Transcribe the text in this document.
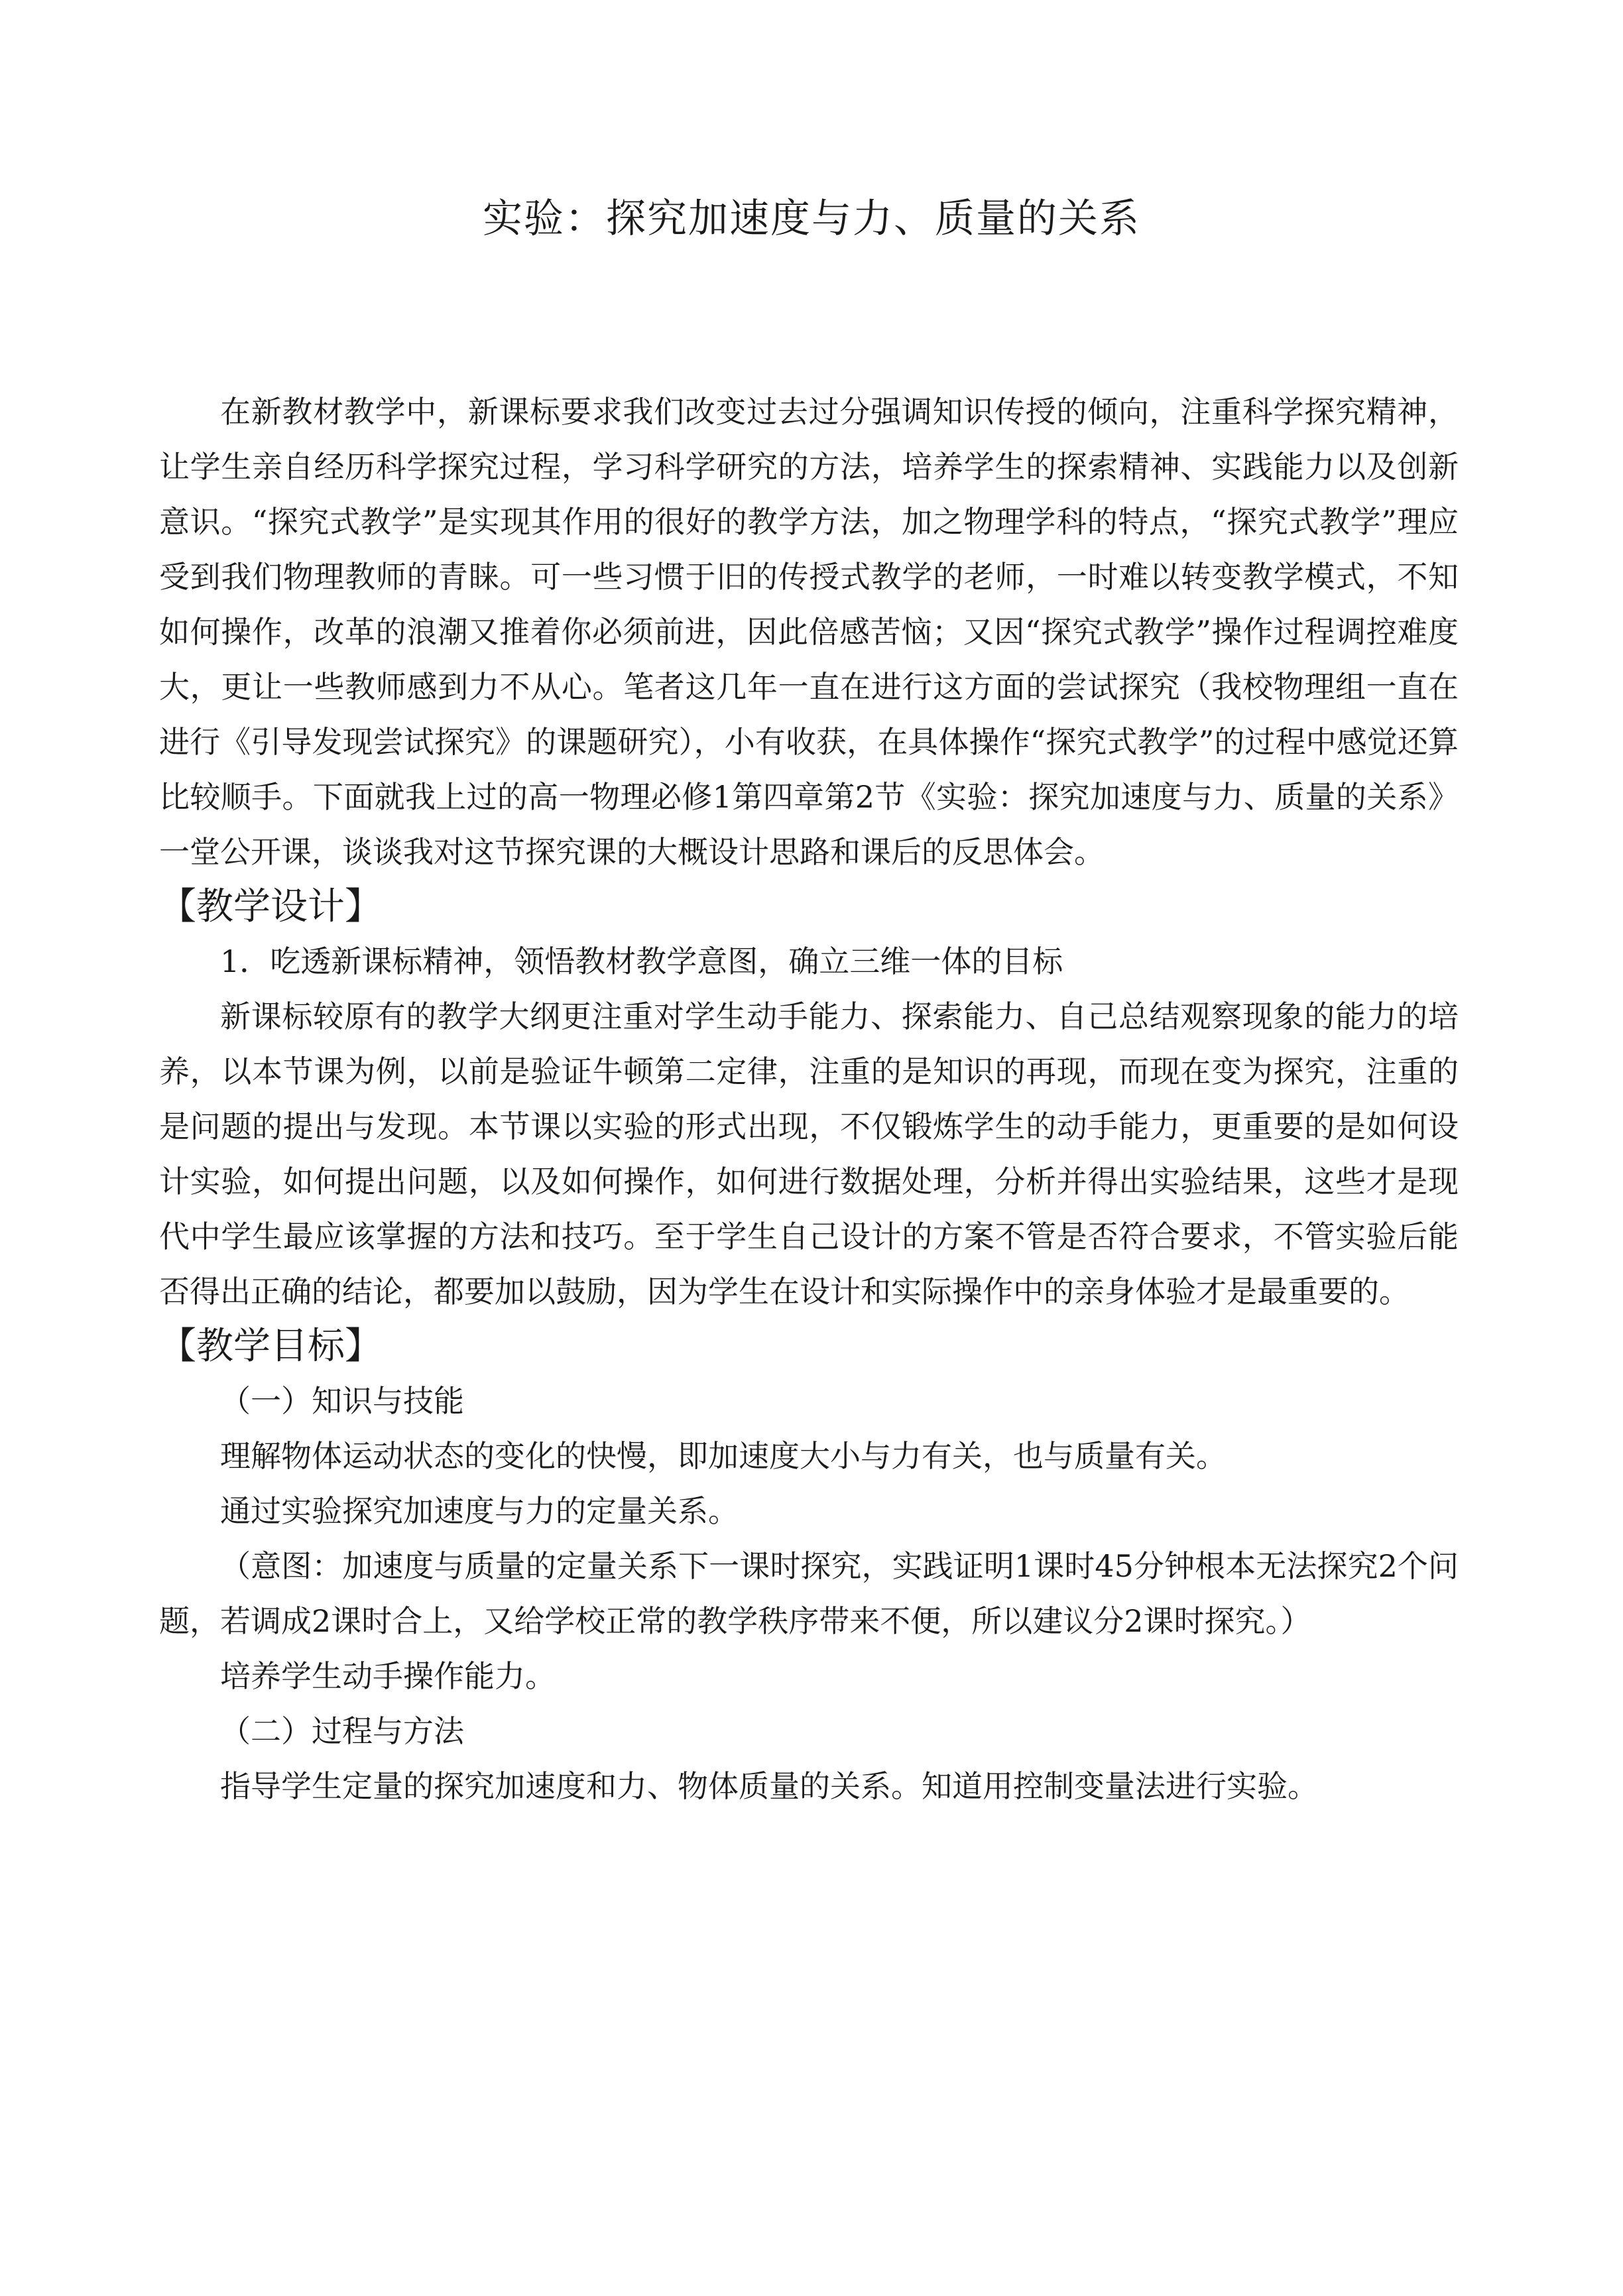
实验：探究加速度与力、质量的关系

在新教材教学中，新课标要求我们改变过去过分强调知识传授的倾向，注重科学探究精神，让学生亲自经历科学探究过程，学习科学研究的方法，培养学生的探索精神、实践能力以及创新意识。“探究式教学”是实现其作用的很好的教学方法，加之物理学科的特点，“探究式教学”理应受到我们物理教师的青睐。可一些习惯于旧的传授式教学的老师，一时难以转变教学模式，不知如何操作，改革的浪潮又推着你必须前进，因此倍感苦恼；又因“探究式教学”操作过程调控难度大，更让一些教师感到力不从心。笔者这几年一直在进行这方面的尝试探究（我校物理组一直在进行《引导发现尝试探究》的课题研究），小有收获，在具体操作“探究式教学”的过程中感觉还算比较顺手。下面就我上过的高一物理必修1第四章第2节《实验：探究加速度与力、质量的关系》一堂公开课，谈谈我对这节探究课的大概设计思路和课后的反思体会。

【教学设计】

1．吃透新课标精神，领悟教材教学意图，确立三维一体的目标

新课标较原有的教学大纲更注重对学生动手能力、探索能力、自己总结观察现象的能力的培养，以本节课为例，以前是验证牛顿第二定律，注重的是知识的再现，而现在变为探究，注重的是问题的提出与发现。本节课以实验的形式出现，不仅锻炼学生的动手能力，更重要的是如何设计实验，如何提出问题，以及如何操作，如何进行数据处理，分析并得出实验结果，这些才是现代中学生最应该掌握的方法和技巧。至于学生自己设计的方案不管是否符合要求，不管实验后能否得出正确的结论，都要加以鼓励，因为学生在设计和实际操作中的亲身体验才是最重要的。

【教学目标】

（一）知识与技能

理解物体运动状态的变化的快慢，即加速度大小与力有关，也与质量有关。

通过实验探究加速度与力的定量关系。

（意图：加速度与质量的定量关系下一课时探究，实践证明1课时45分钟根本无法探究2个问题，若调成2课时合上，又给学校正常的教学秩序带来不便，所以建议分2课时探究。）

培养学生动手操作能力。

（二）过程与方法

指导学生定量的探究加速度和力、物体质量的关系。知道用控制变量法进行实验。
